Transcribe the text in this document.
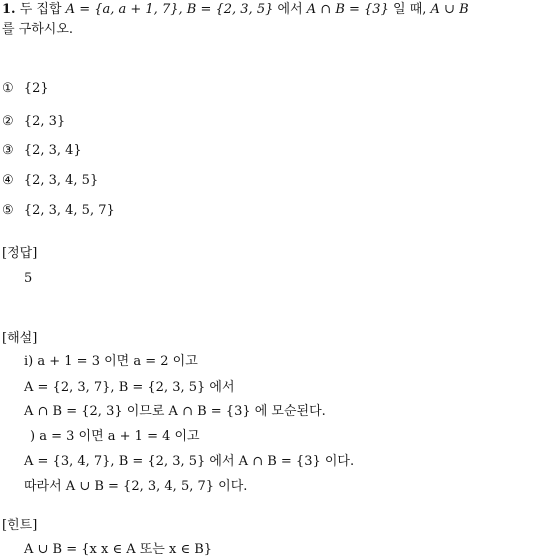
1. 두 집합 A = {a, a + 1, 7}, B = {2, 3, 5} 에서 A ∩ B = {3} 일 때, A ∪ B
를 구하시오.
① {2}
② {2, 3}
③ {2, 3, 4}
④ {2, 3, 4, 5}
⑤ {2, 3, 4, 5, 7}
[정답]
5
[해설]
ⅰ) a + 1 = 3 이면 a = 2 이고
A = {2, 3, 7}, B = {2, 3, 5} 에서
A ∩ B = {2, 3} 이므로 A ∩ B = {3} 에 모순된다.
) a = 3 이면 a + 1 = 4 이고
A = {3, 4, 7}, B = {2, 3, 5} 에서 A ∩ B = {3} 이다.
따라서 A ∪ B = {2, 3, 4, 5, 7} 이다.
[힌트]
A ∪ B = {x x ∈ A 또는 x ∈ B}
